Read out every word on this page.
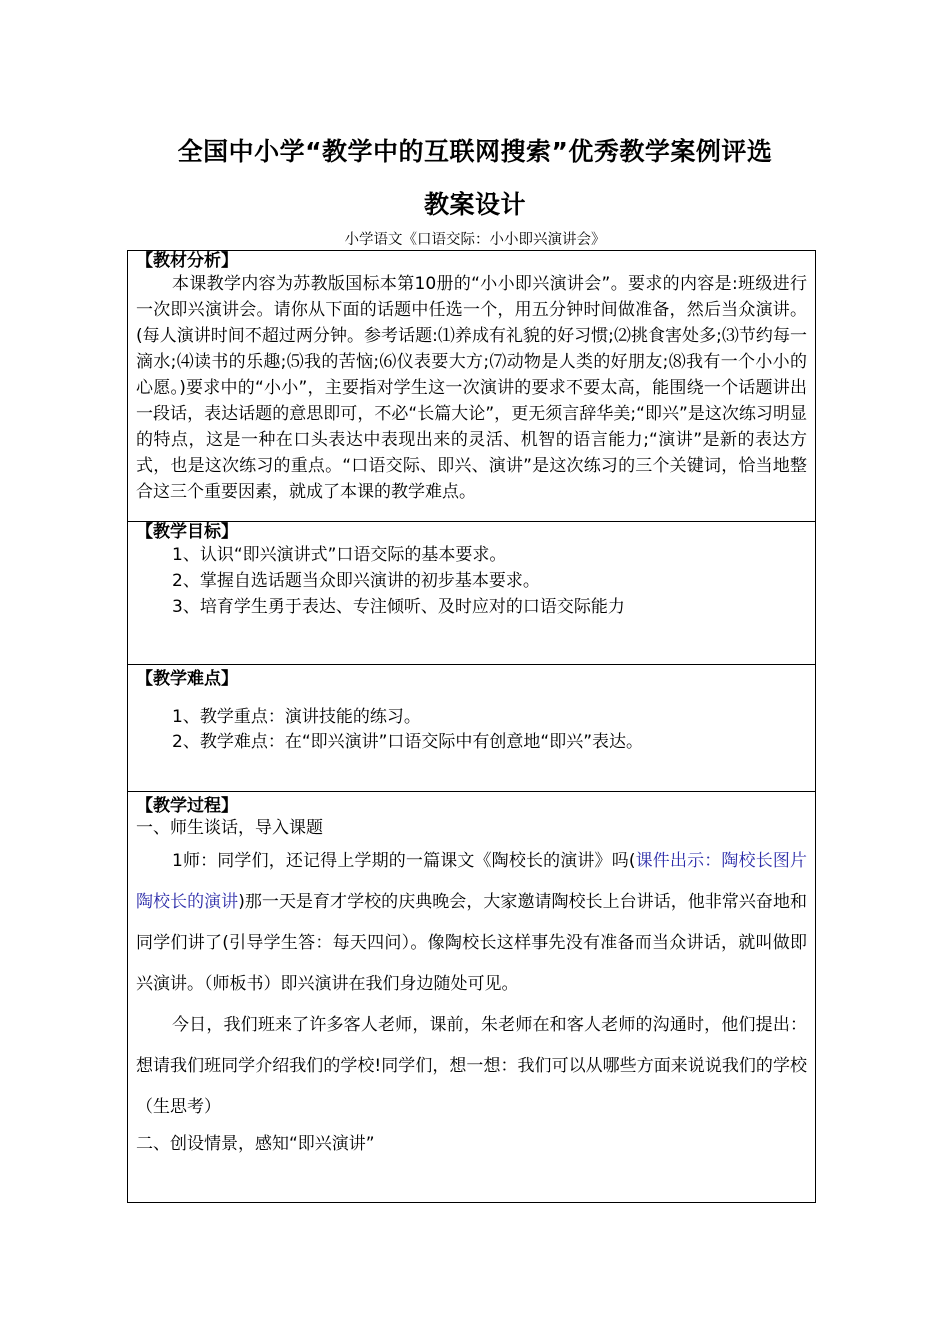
全国中小学“教学中的互联网搜索”优秀教学案例评选
教案设计
小学语文《口语交际：小小即兴演讲会》
【教材分析】

本课教学内容为苏教版国标本第10册的“小小即兴演讲会”。要求的内容是:班级进行一次即兴演讲会。请你从下面的话题中任选一个，用五分钟时间做准备，然后当众演讲。(每人演讲时间不超过两分钟。参考话题:⑴养成有礼貌的好习惯;⑵挑食害处多;⑶节约每一滴水;⑷读书的乐趣;⑸我的苦恼;⑹仪表要大方;⑺动物是人类的好朋友;⑻我有一个小小的心愿。)要求中的“小小”，主要指对学生这一次演讲的要求不要太高，能围绕一个话题讲出一段话，表达话题的意思即可，不必“长篇大论”，更无须言辞华美;“即兴”是这次练习明显的特点，这是一种在口头表达中表现出来的灵活、机智的语言能力;“演讲”是新的表达方式，也是这次练习的重点。“口语交际、即兴、演讲”是这次练习的三个关键词，恰当地整合这三个重要因素，就成了本课的教学难点。

【教学目标】
1、认识“即兴演讲式”口语交际的基本要求。
2、掌握自选话题当众即兴演讲的初步基本要求。
3、培育学生勇于表达、专注倾听、及时应对的口语交际能力

【教学难点】
1、教学重点：演讲技能的练习。
2、教学难点：在“即兴演讲”口语交际中有创意地“即兴”表达。

【教学过程】
一、师生谈话，导入课题

1师：同学们，还记得上学期的一篇课文《陶校长的演讲》吗(课件出示：陶校长图片　陶校长的演讲)那一天是育才学校的庆典晚会，大家邀请陶校长上台讲话，他非常兴奋地和同学们讲了(引导学生答：每天四问）。像陶校长这样事先没有准备而当众讲话，就叫做即兴演讲。（师板书）即兴演讲在我们身边随处可见。

今日，我们班来了许多客人老师，课前，朱老师在和客人老师的沟通时，他们提出：想请我们班同学介绍我们的学校!同学们，想一想：我们可以从哪些方面来说说我们的学校（生思考）

二、创设情景，感知“即兴演讲”
